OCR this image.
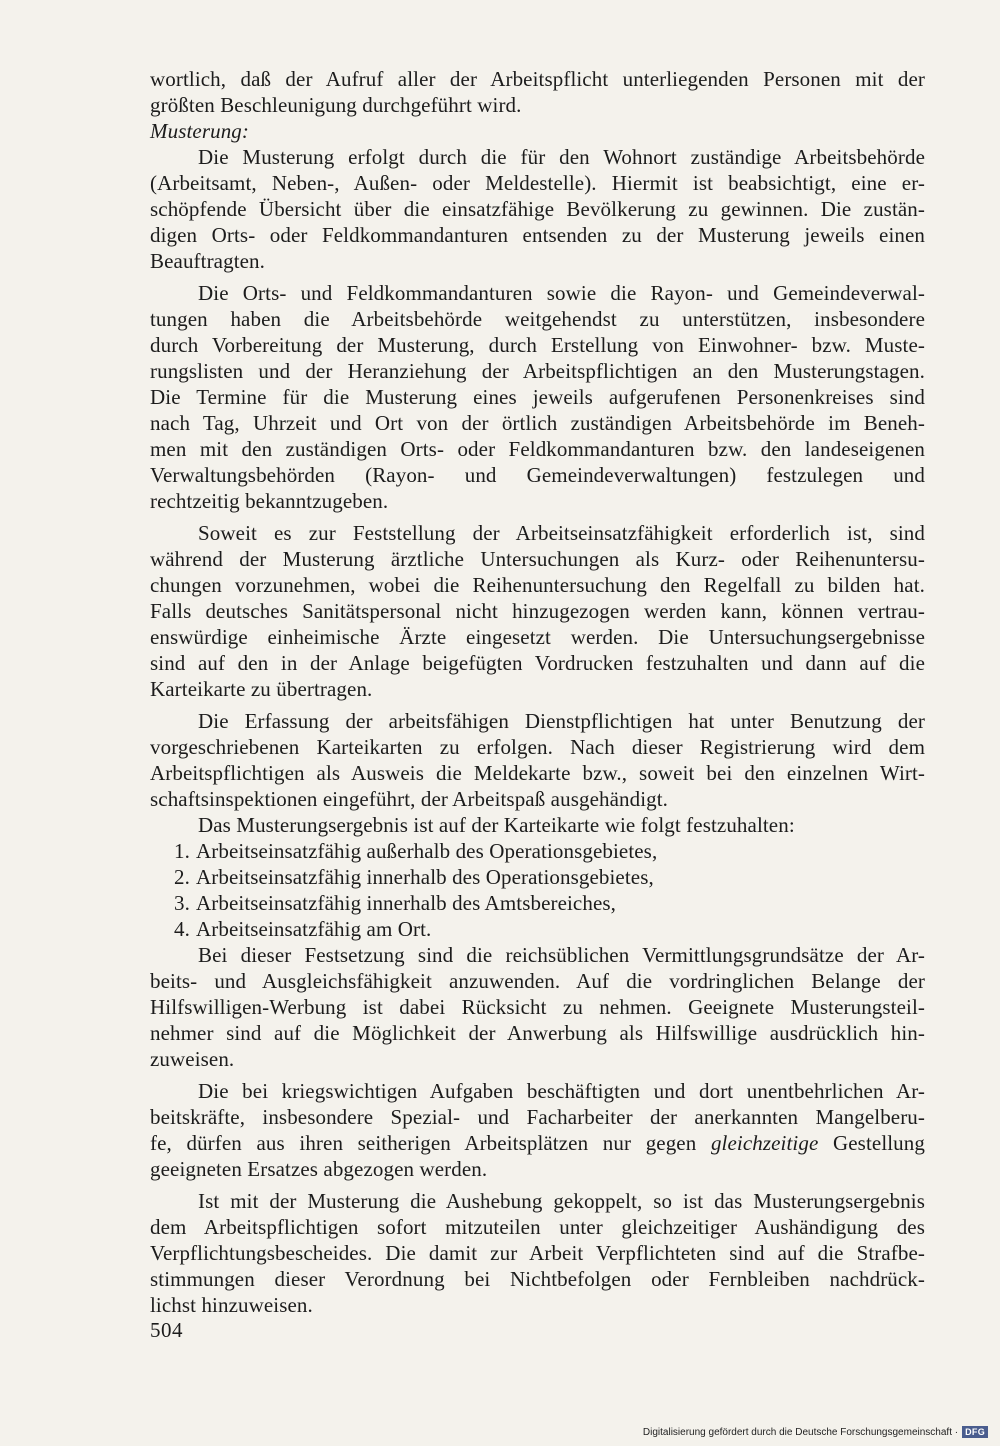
wortlich, daß der Aufruf aller der Arbeitspflicht unterliegenden Personen mit der
größten Beschleunigung durchgeführt wird.
Musterung:
Die Musterung erfolgt durch die für den Wohnort zuständige Arbeitsbehörde
(Arbeitsamt, Neben-, Außen- oder Meldestelle). Hiermit ist beabsichtigt, eine er-
schöpfende Übersicht über die einsatzfähige Bevölkerung zu gewinnen. Die zustän-
digen Orts- oder Feldkommandanturen entsenden zu der Musterung jeweils einen
Beauftragten.
Die Orts- und Feldkommandanturen sowie die Rayon- und Gemeindeverwal-
tungen haben die Arbeitsbehörde weitgehendst zu unterstützen, insbesondere
durch Vorbereitung der Musterung, durch Erstellung von Einwohner- bzw. Muste-
rungslisten und der Heranziehung der Arbeitspflichtigen an den Musterungstagen.
Die Termine für die Musterung eines jeweils aufgerufenen Personenkreises sind
nach Tag, Uhrzeit und Ort von der örtlich zuständigen Arbeitsbehörde im Beneh-
men mit den zuständigen Orts- oder Feldkommandanturen bzw. den landeseigenen
Verwaltungsbehörden (Rayon- und Gemeindeverwaltungen) festzulegen und
rechtzeitig bekanntzugeben.
Soweit es zur Feststellung der Arbeitseinsatzfähigkeit erforderlich ist, sind
während der Musterung ärztliche Untersuchungen als Kurz- oder Reihenuntersu-
chungen vorzunehmen, wobei die Reihenuntersuchung den Regelfall zu bilden hat.
Falls deutsches Sanitätspersonal nicht hinzugezogen werden kann, können vertrau-
enswürdige einheimische Ärzte eingesetzt werden. Die Untersuchungsergebnisse
sind auf den in der Anlage beigefügten Vordrucken festzuhalten und dann auf die
Karteikarte zu übertragen.
Die Erfassung der arbeitsfähigen Dienstpflichtigen hat unter Benutzung der
vorgeschriebenen Karteikarten zu erfolgen. Nach dieser Registrierung wird dem
Arbeitspflichtigen als Ausweis die Meldekarte bzw., soweit bei den einzelnen Wirt-
schaftsinspektionen eingeführt, der Arbeitspaß ausgehändigt.
Das Musterungsergebnis ist auf der Karteikarte wie folgt festzuhalten:
1. Arbeitseinsatzfähig außerhalb des Operationsgebietes,
2. Arbeitseinsatzfähig innerhalb des Operationsgebietes,
3. Arbeitseinsatzfähig innerhalb des Amtsbereiches,
4. Arbeitseinsatzfähig am Ort.
Bei dieser Festsetzung sind die reichsüblichen Vermittlungsgrundsätze der Ar-
beits- und Ausgleichsfähigkeit anzuwenden. Auf die vordringlichen Belange der
Hilfswilligen-Werbung ist dabei Rücksicht zu nehmen. Geeignete Musterungsteil-
nehmer sind auf die Möglichkeit der Anwerbung als Hilfswillige ausdrücklich hin-
zuweisen.
Die bei kriegswichtigen Aufgaben beschäftigten und dort unentbehrlichen Ar-
beitskräfte, insbesondere Spezial- und Facharbeiter der anerkannten Mangelberu-
fe, dürfen aus ihren seitherigen Arbeitsplätzen nur gegen gleichzeitige Gestellung
geeigneten Ersatzes abgezogen werden.
Ist mit der Musterung die Aushebung gekoppelt, so ist das Musterungsergebnis
dem Arbeitspflichtigen sofort mitzuteilen unter gleichzeitiger Aushändigung des
Verpflichtungsbescheides. Die damit zur Arbeit Verpflichteten sind auf die Strafbe-
stimmungen dieser Verordnung bei Nichtbefolgen oder Fernbleiben nachdrück-
lichst hinzuweisen.
504
Digitalisierung gefördert durch die Deutsche Forschungsgemeinschaft · DFG
